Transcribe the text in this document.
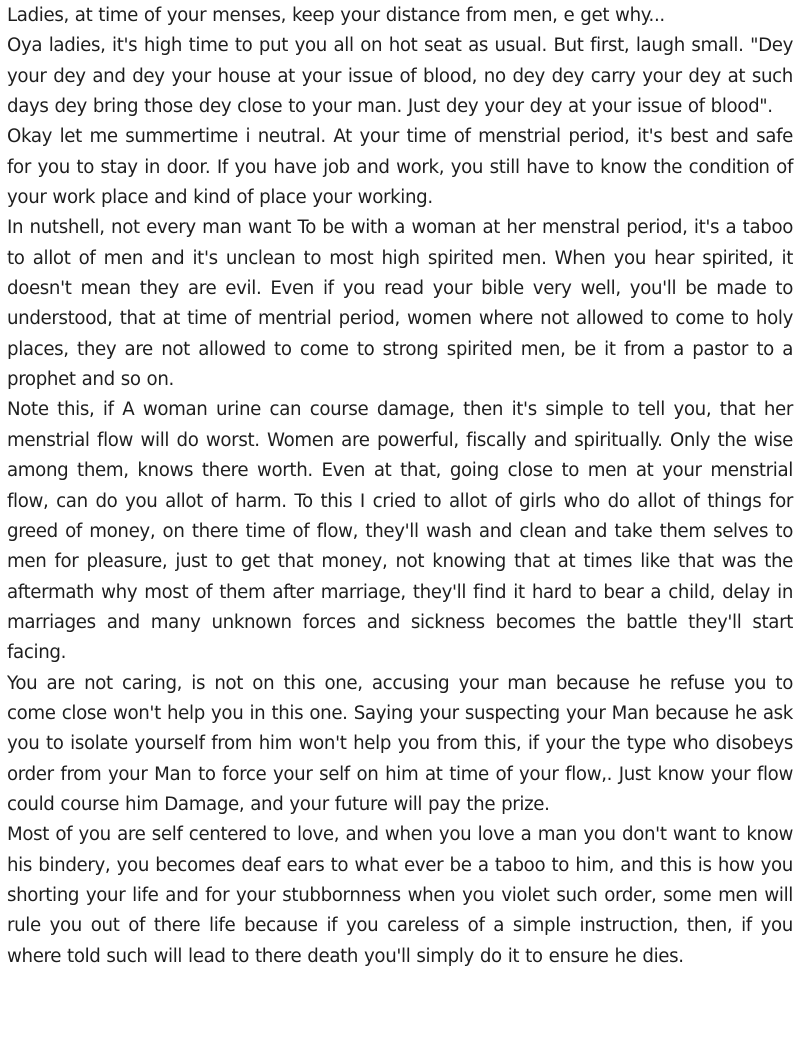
Ladies, at time of your menses, keep your distance from men, e get why...

Oya ladies, it's high time to put you all on hot seat as usual. But first, laugh small. "Dey your dey and dey your house at your issue of blood, no dey dey carry your dey at such days dey bring those dey close to your man. Just dey your dey at your issue of blood".

Okay let me summertime i neutral. At your time of menstrial period, it's best and safe for you to stay in door. If you have job and work, you still have to know the condition of your work place and kind of place your working.

In nutshell, not every man want To be with a woman at her menstral period, it's a taboo to allot of men and it's unclean to most high spirited men. When you hear spirited, it doesn't mean they are evil. Even if you read your bible very well, you'll be made to understood, that at time of mentrial period, women where not allowed to come to holy places, they are not allowed to come to strong spirited men, be it from a pastor to a prophet and so on.

Note this, if A woman urine can course damage, then it's simple to tell you, that her menstrial flow will do worst. Women are powerful, fiscally and spiritually. Only the wise among them, knows there worth. Even at that, going close to men at your menstrial flow, can do you allot of harm. To this I cried to allot of girls who do allot of things for greed of money, on there time of flow, they'll wash and clean and take them selves to men for pleasure, just to get that money, not knowing that at times like that was the aftermath why most of them after marriage, they'll find it hard to bear a child, delay in marriages and many unknown forces and sickness becomes the battle they'll start facing.

You are not caring, is not on this one, accusing your man because he refuse you to come close won't help you in this one. Saying your suspecting your Man because he ask you to isolate yourself from him won't help you from this, if your the type who disobeys order from your Man to force your self on him at time of your flow,. Just know your flow could course him Damage, and your future will pay the prize.

Most of you are self centered to love, and when you love a man you don't want to know his bindery, you becomes deaf ears to what ever be a taboo to him, and this is how you shorting your life and for your stubbornness when you violet such order, some men will rule you out of there life because if you careless of a simple instruction, then, if you where told such will lead to there death you'll simply do it to ensure he dies.
